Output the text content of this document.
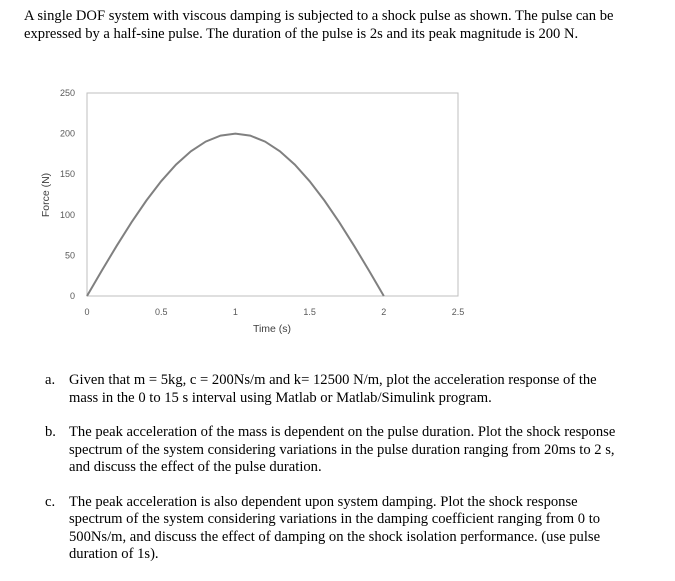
A single DOF system with viscous damping is subjected to a shock pulse as shown. The pulse can be expressed by a half-sine pulse. The duration of the pulse is 2s and its peak magnitude is 200 N.

0
50
100
150
200
250
0	0.5	1	1.5	2	2.5
Time (s)
Force (N)
a. Given that m = 5kg, c = 200Ns/m and k= 12500 N/m, plot the acceleration response of the mass in the 0 to 15 s interval using Matlab or Matlab/Simulink program.
b. The peak acceleration of the mass is dependent on the pulse duration. Plot the shock response spectrum of the system considering variations in the pulse duration ranging from 20ms to 2 s, and discuss the effect of the pulse duration.
c. The peak acceleration is also dependent upon system damping. Plot the shock response spectrum of the system considering variations in the damping coefficient ranging from 0 to 500Ns/m, and discuss the effect of damping on the shock isolation performance. (use pulse duration of 1s).
